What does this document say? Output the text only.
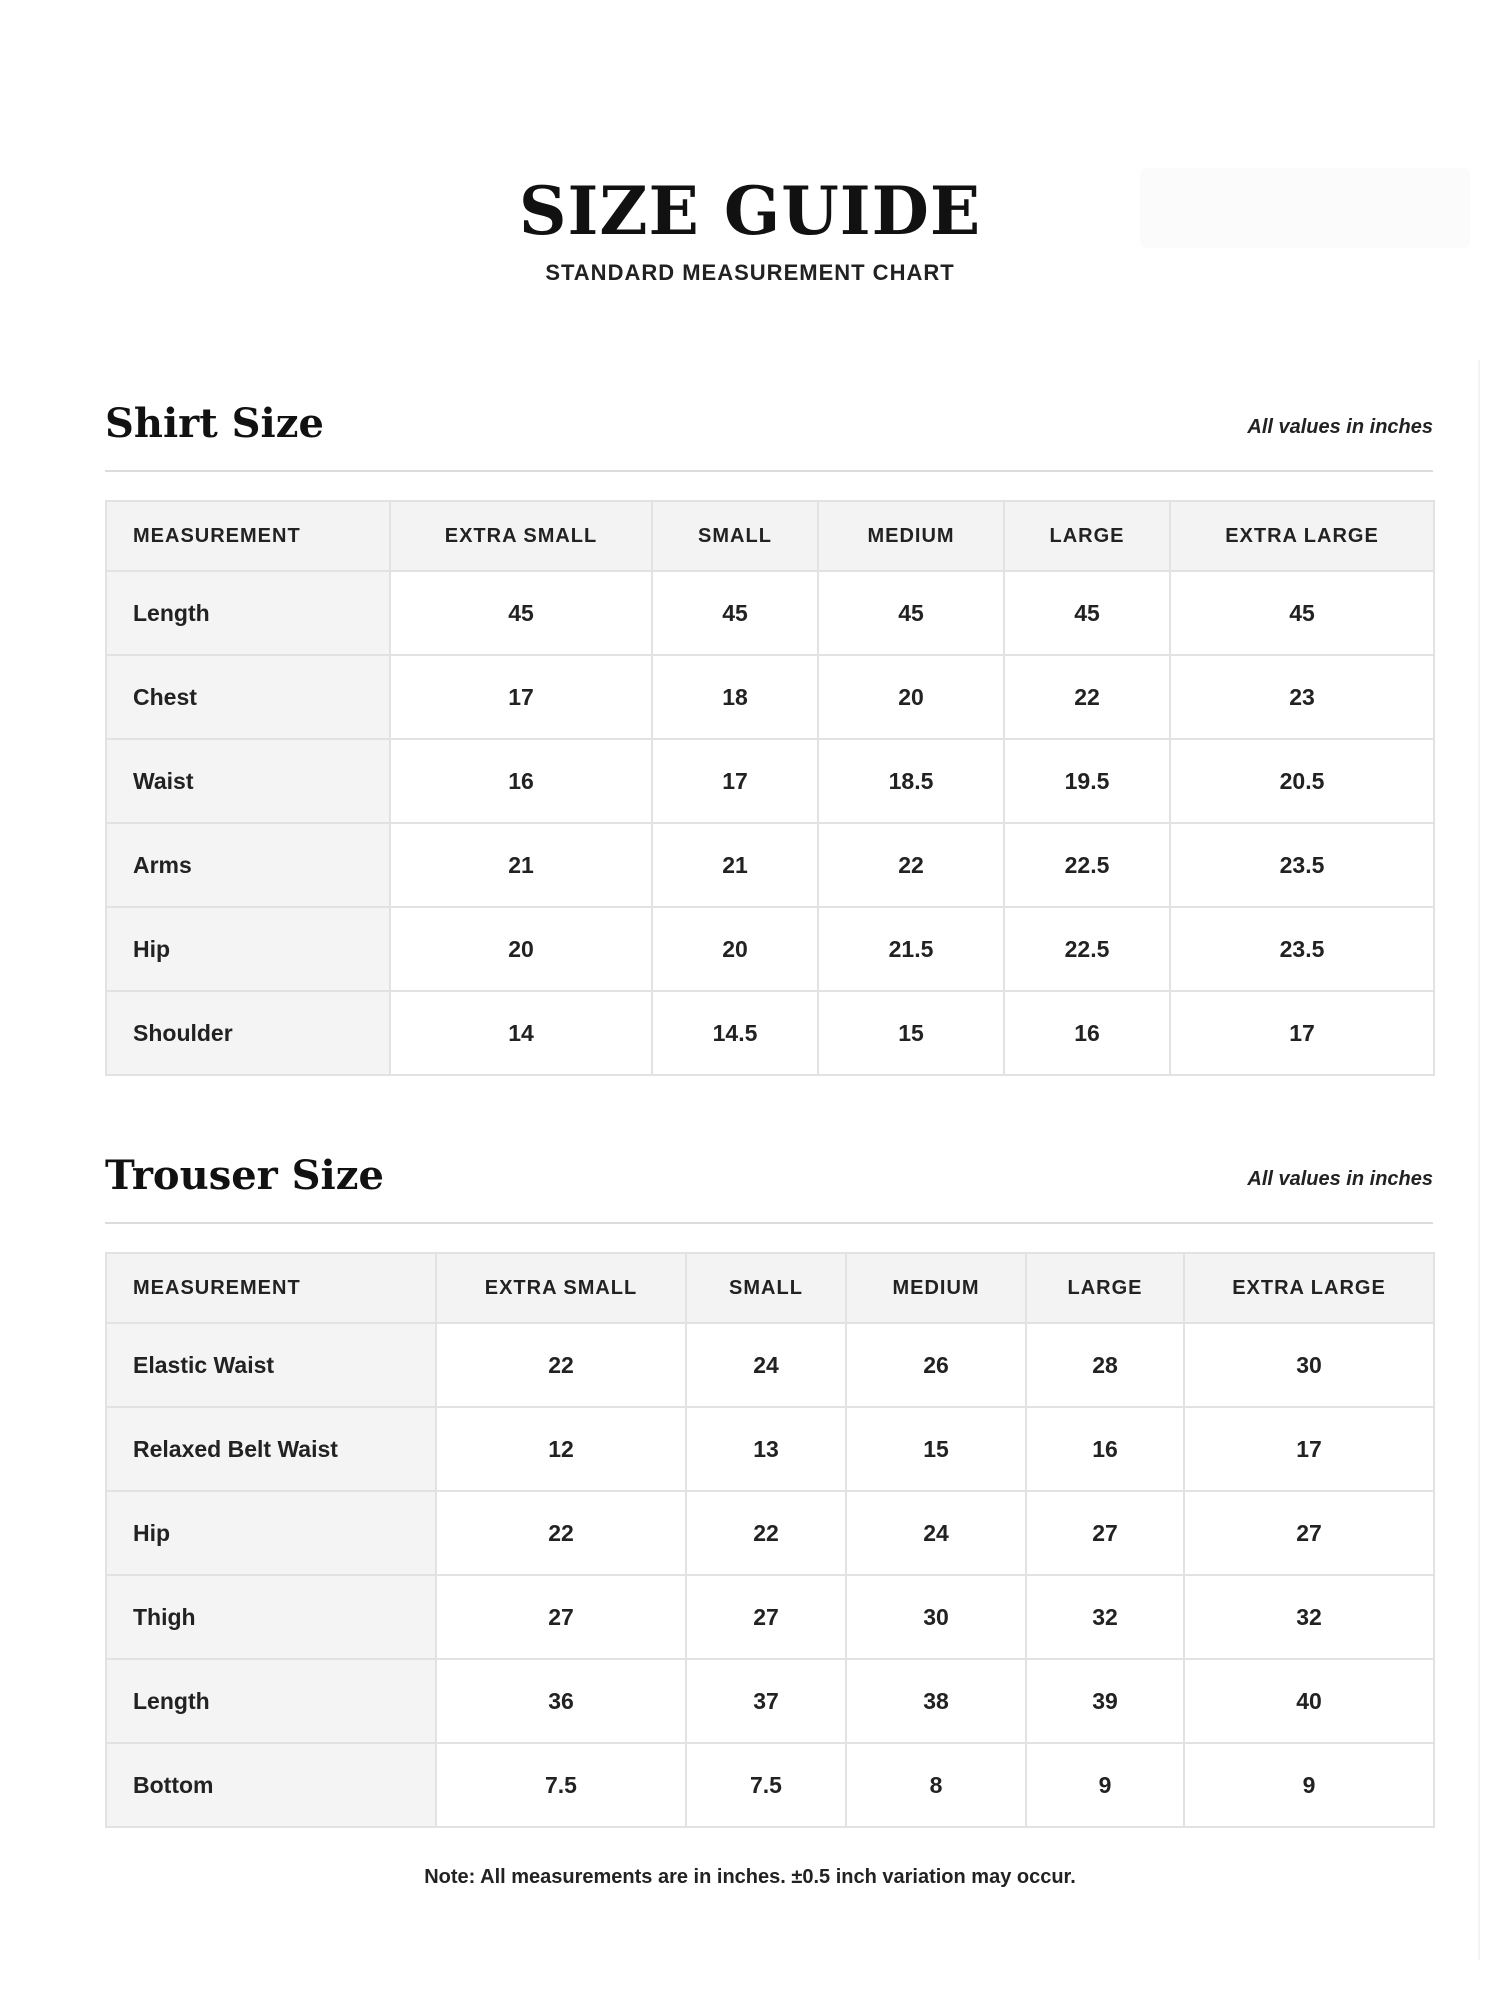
SIZE GUIDE
STANDARD MEASUREMENT CHART
Shirt Size	All values in inches
MEASUREMENT	EXTRA SMALL	SMALL	MEDIUM	LARGE	EXTRA LARGE
Length	45	45	45	45	45
Chest	17	18	20	22	23
Waist	16	17	18.5	19.5	20.5
Arms	21	21	22	22.5	23.5
Hip	20	20	21.5	22.5	23.5
Shoulder	14	14.5	15	16	17
Trouser Size	All values in inches
MEASUREMENT	EXTRA SMALL	SMALL	MEDIUM	LARGE	EXTRA LARGE
Elastic Waist	22	24	26	28	30
Relaxed Belt Waist	12	13	15	16	17
Hip	22	22	24	27	27
Thigh	27	27	30	32	32
Length	36	37	38	39	40
Bottom	7.5	7.5	8	9	9
Note: All measurements are in inches. ±0.5 inch variation may occur.
